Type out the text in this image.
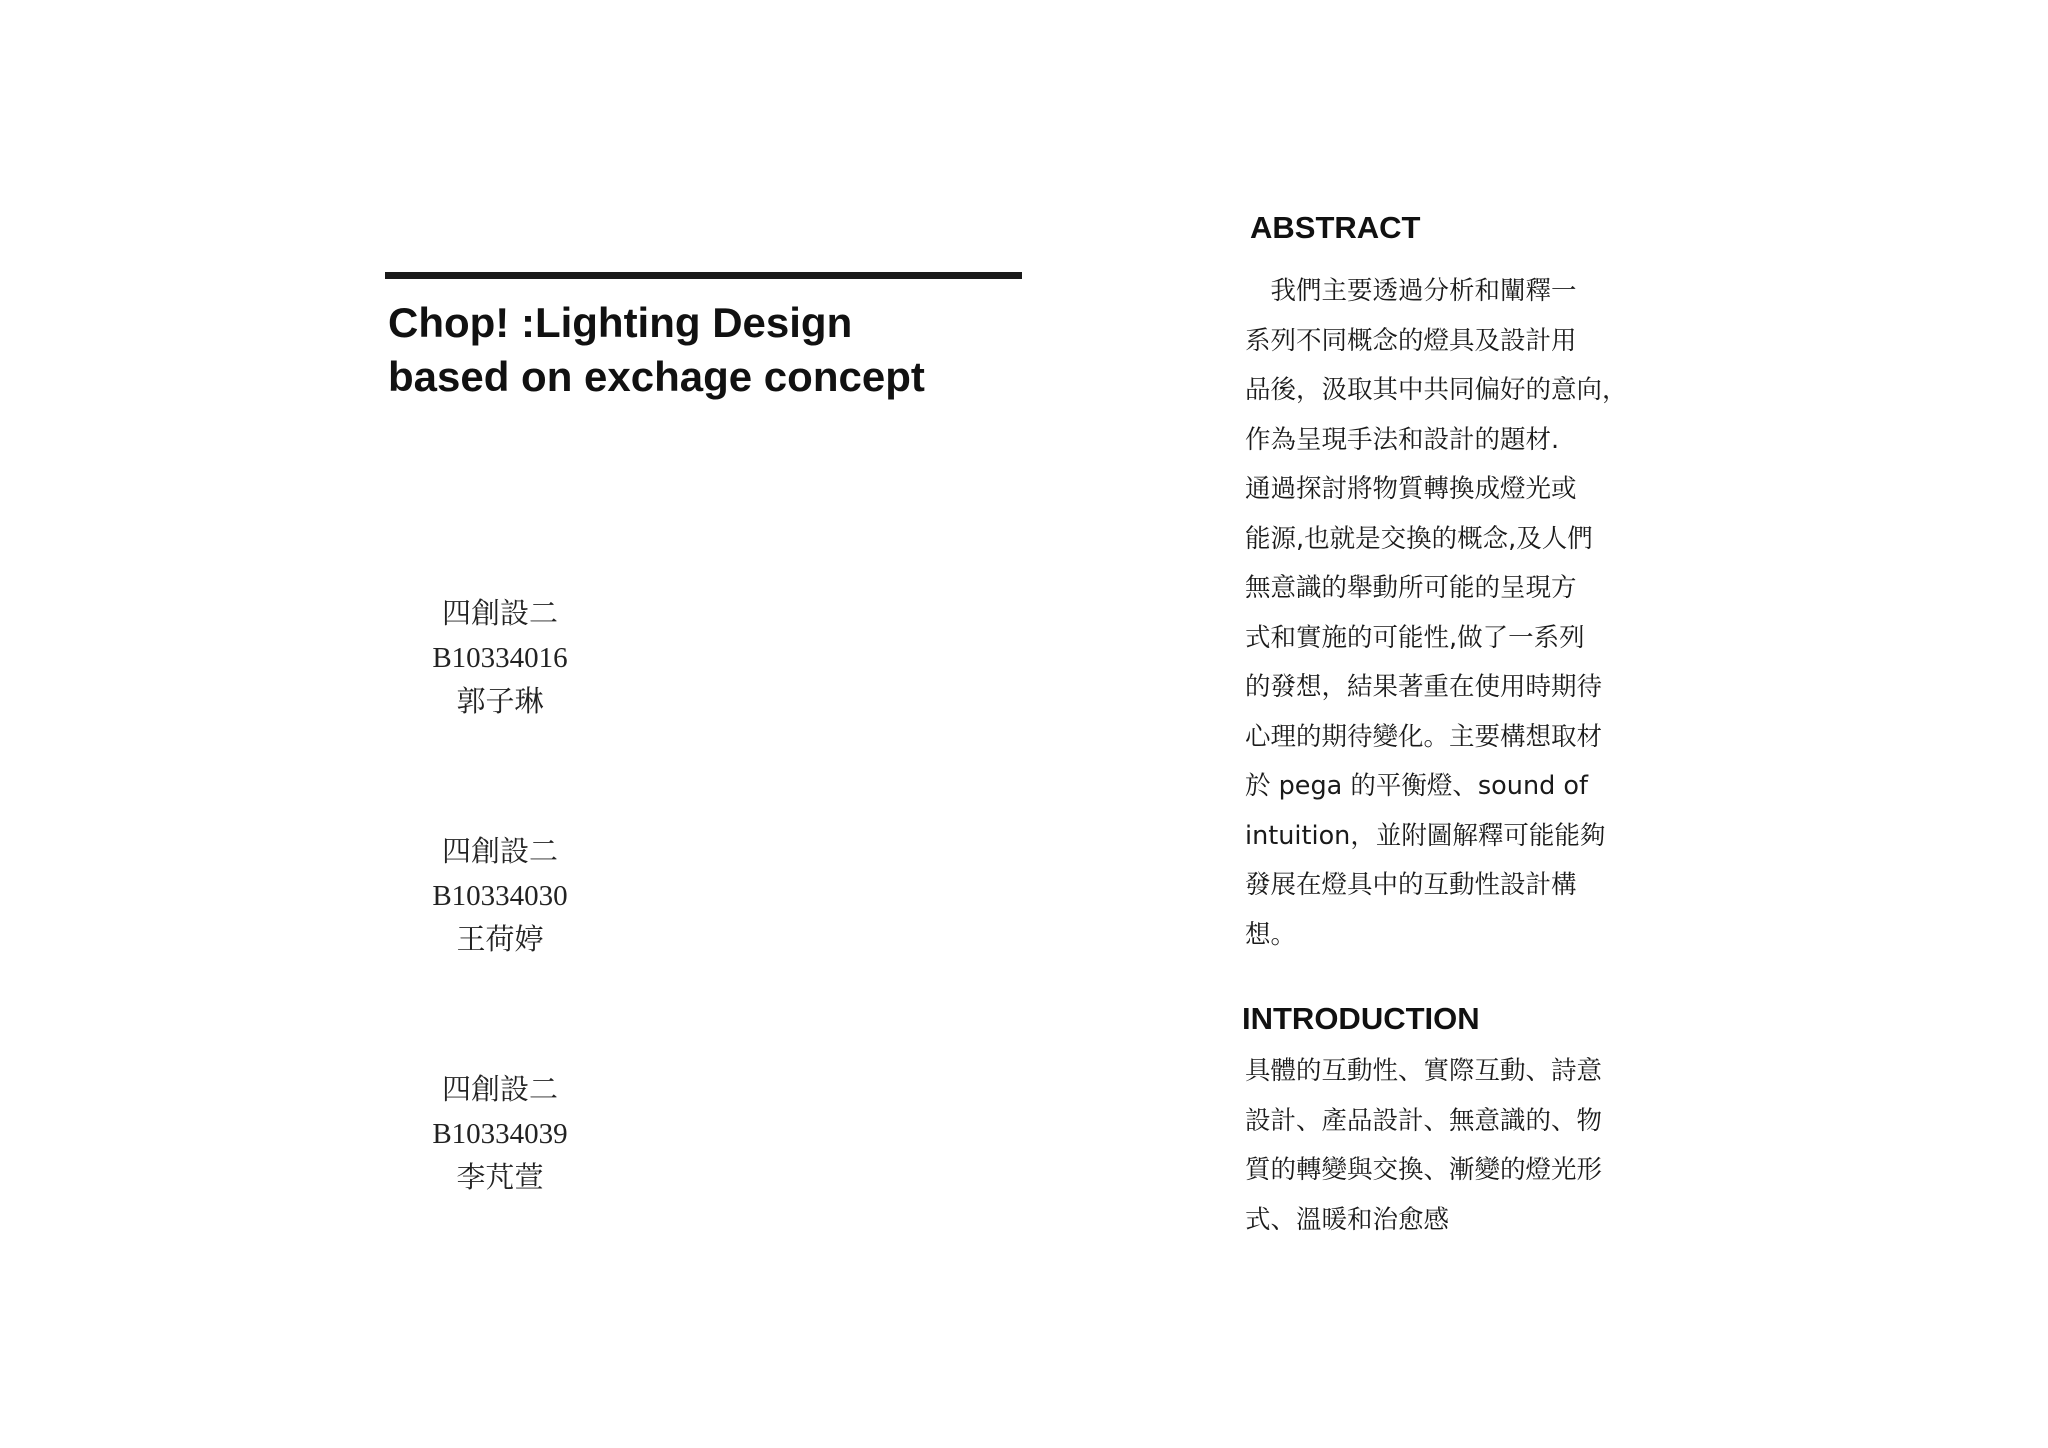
Chop! :Lighting Design
based on exchage concept
四創設二
B10334016
郭子琳
四創設二
B10334030
王荷婷
四創設二
B10334039
李芃萱
ABSTRACT
　我們主要透過分析和闡釋一
系列不同概念的燈具及設計用
品後，汲取其中共同偏好的意向，
作為呈現手法和設計的題材.
通過探討將物質轉換成燈光或
能源,也就是交換的概念,及人們
無意識的舉動所可能的呈現方
式和實施的可能性,做了一系列
的發想，結果著重在使用時期待
心理的期待變化。主要構想取材
於 pega 的平衡燈、sound of
intuition，並附圖解釋可能能夠
發展在燈具中的互動性設計構
想。
INTRODUCTION
具體的互動性、實際互動、詩意
設計、產品設計、無意識的、物
質的轉變與交換、漸變的燈光形
式、溫暖和治愈感
